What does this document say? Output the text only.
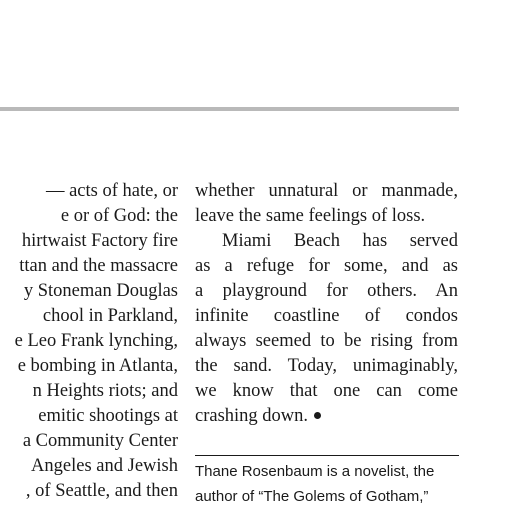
— acts of hate, or

e or of God: the

hirtwaist Factory fire

ttan and the massacre

y Stoneman Douglas

chool in Parkland,

e Leo Frank lynching,

e bombing in Atlanta,

n Heights riots; and

emitic shootings at

a Community Center

Angeles and Jewish

, of Seattle, and then

whether unnatural or manmade,

leave the same feelings of loss.

Miami Beach has served

as a refuge for some, and as

a playground for others. An

infinite coastline of condos

always seemed to be rising from

the sand. Today, unimaginably,

we know that one can come

crashing down.

Thane Rosenbaum is a novelist, the

author of “The Golems of Gotham,”
